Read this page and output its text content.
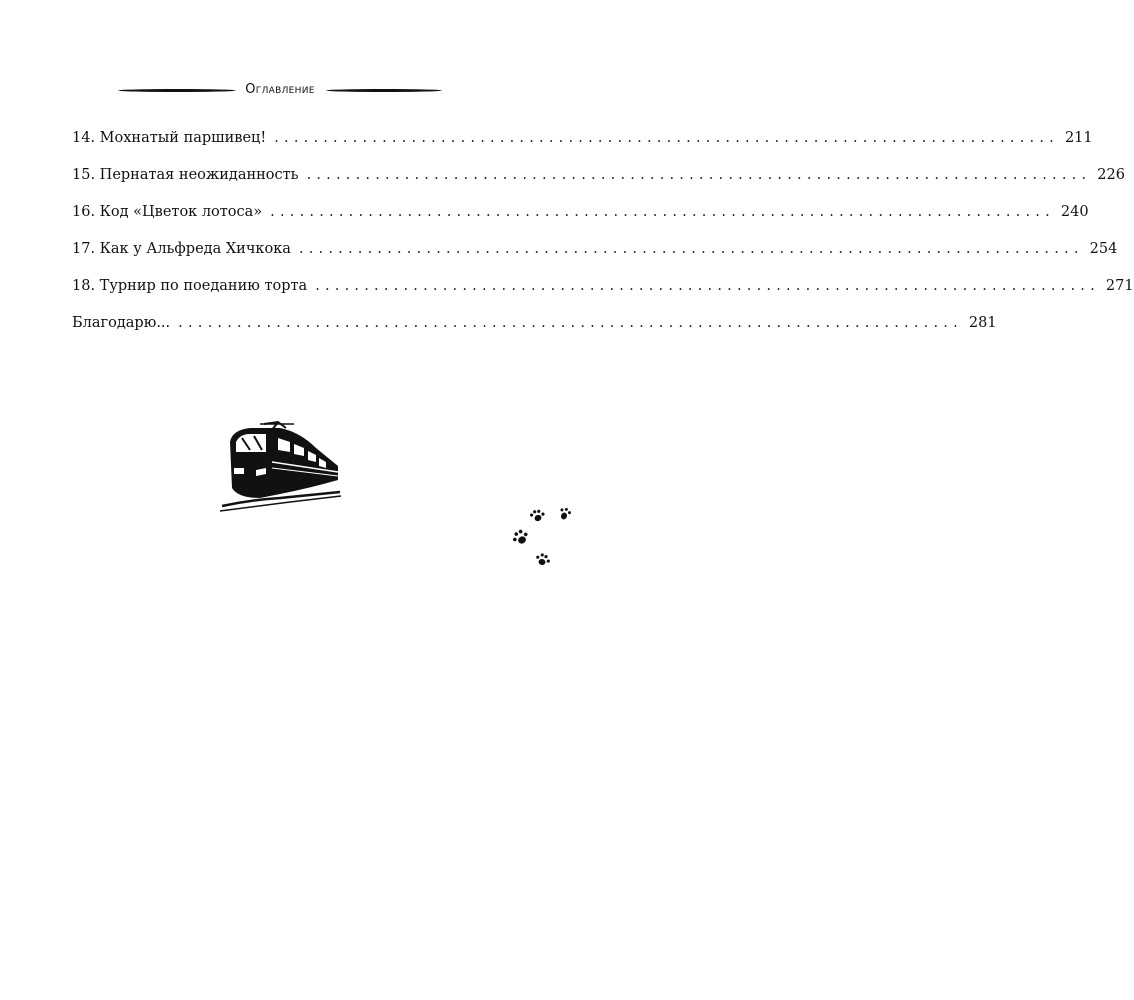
Оглавление
14. Мохнатый паршивец! ................................................................................ 211
15. Пернатая неожиданность ................................................................................ 226
16. Код «Цветок лотоса» ................................................................................ 240
17. Как у Альфреда Хичкока ................................................................................ 254
18. Турнир по поеданию торта ................................................................................ 271
Благодарю... ................................................................................ 281
